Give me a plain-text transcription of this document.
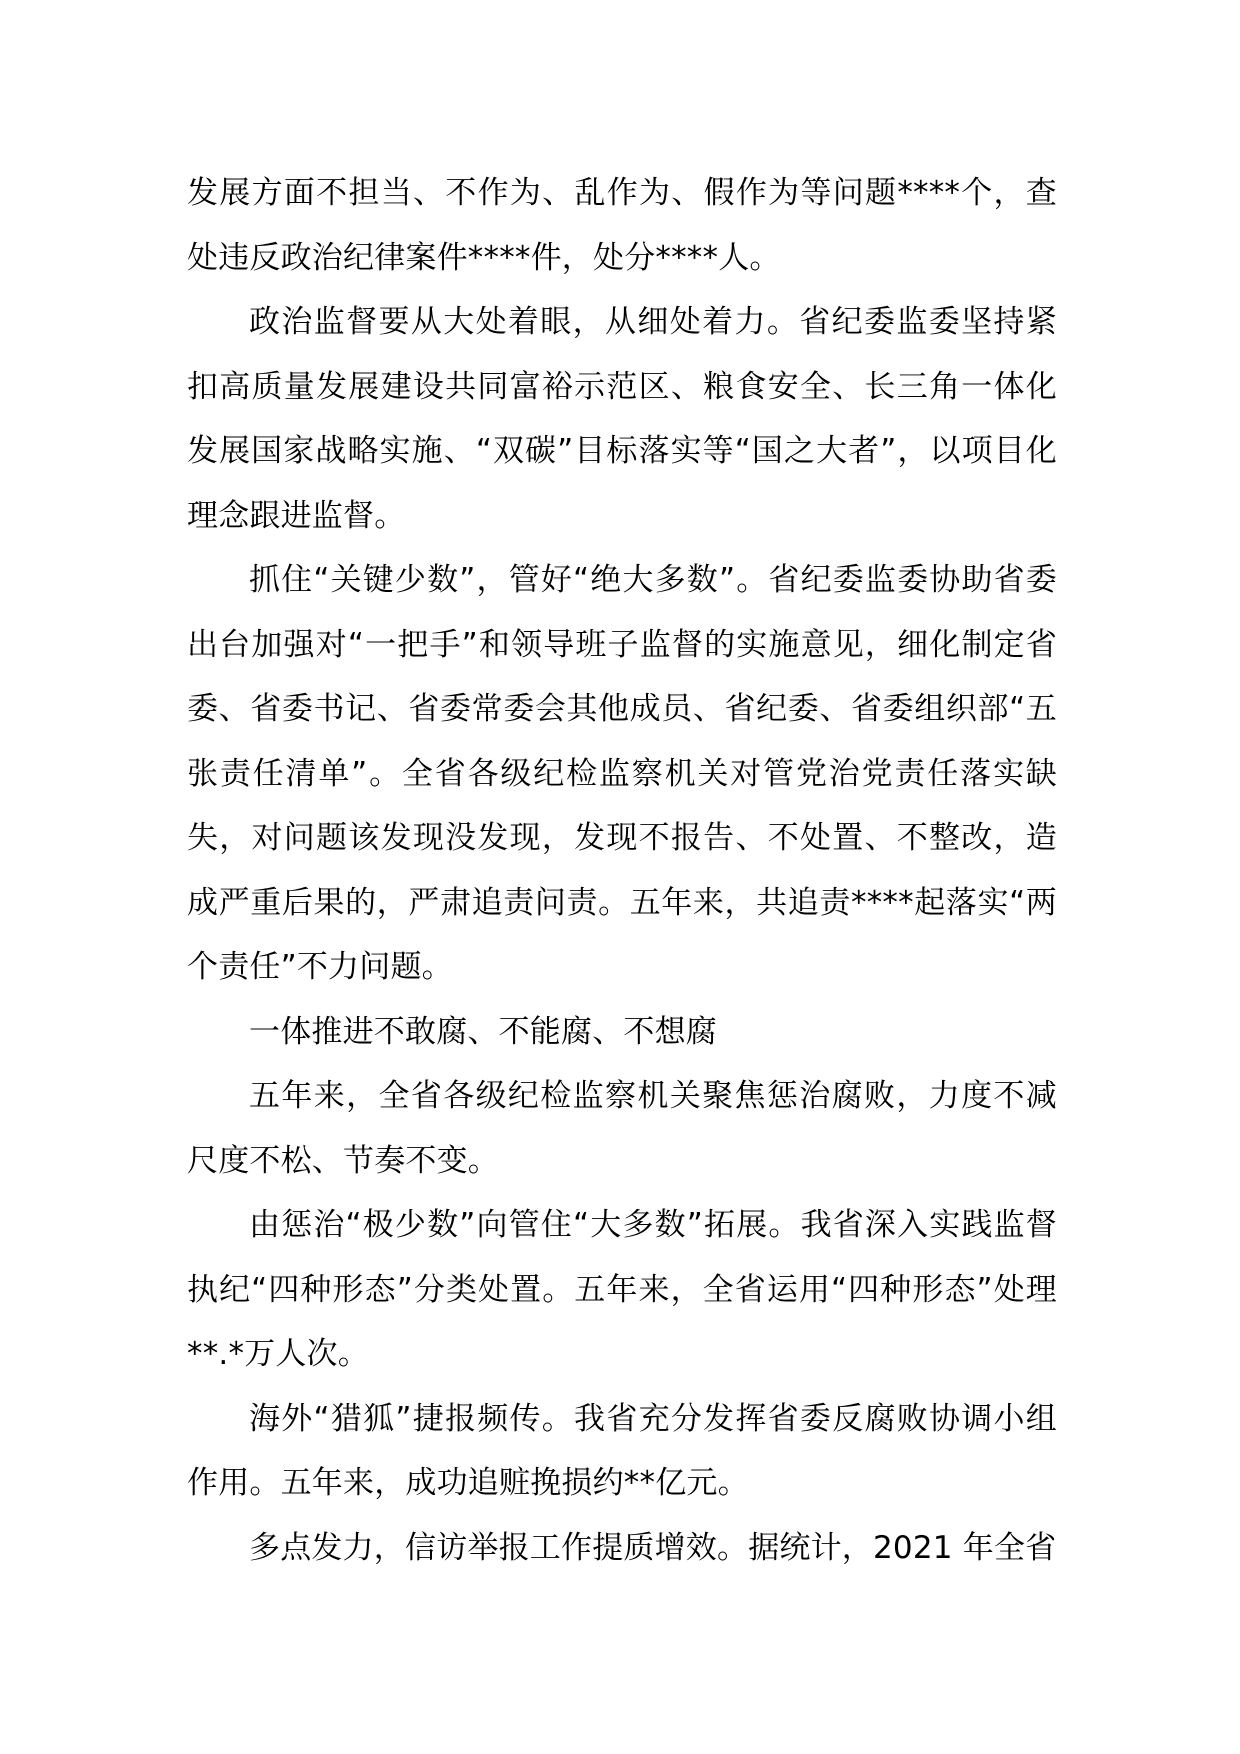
发展方面不担当、不作为、乱作为、假作为等问题****个，查处违反政治纪律案件****件，处分****人。

政治监督要从大处着眼，从细处着力。省纪委监委坚持紧扣高质量发展建设共同富裕示范区、粮食安全、长三角一体化发展国家战略实施、“双碳”目标落实等“国之大者”，以项目化理念跟进监督。

抓住“关键少数”，管好“绝大多数”。省纪委监委协助省委出台加强对“一把手”和领导班子监督的实施意见，细化制定省委、省委书记、省委常委会其他成员、省纪委、省委组织部“五张责任清单”。全省各级纪检监察机关对管党治党责任落实缺失，对问题该发现没发现，发现不报告、不处置、不整改，造成严重后果的，严肃追责问责。五年来，共追责****起落实“两个责任”不力问题。

一体推进不敢腐、不能腐、不想腐

五年来，全省各级纪检监察机关聚焦惩治腐败，力度不减尺度不松、节奏不变。

由惩治“极少数”向管住“大多数”拓展。我省深入实践监督执纪“四种形态”分类处置。五年来，全省运用“四种形态”处理**.*万人次。

海外“猎狐”捷报频传。我省充分发挥省委反腐败协调小组作用。五年来，成功追赃挽损约**亿元。

多点发力，信访举报工作提质增效。据统计，2021 年全省
